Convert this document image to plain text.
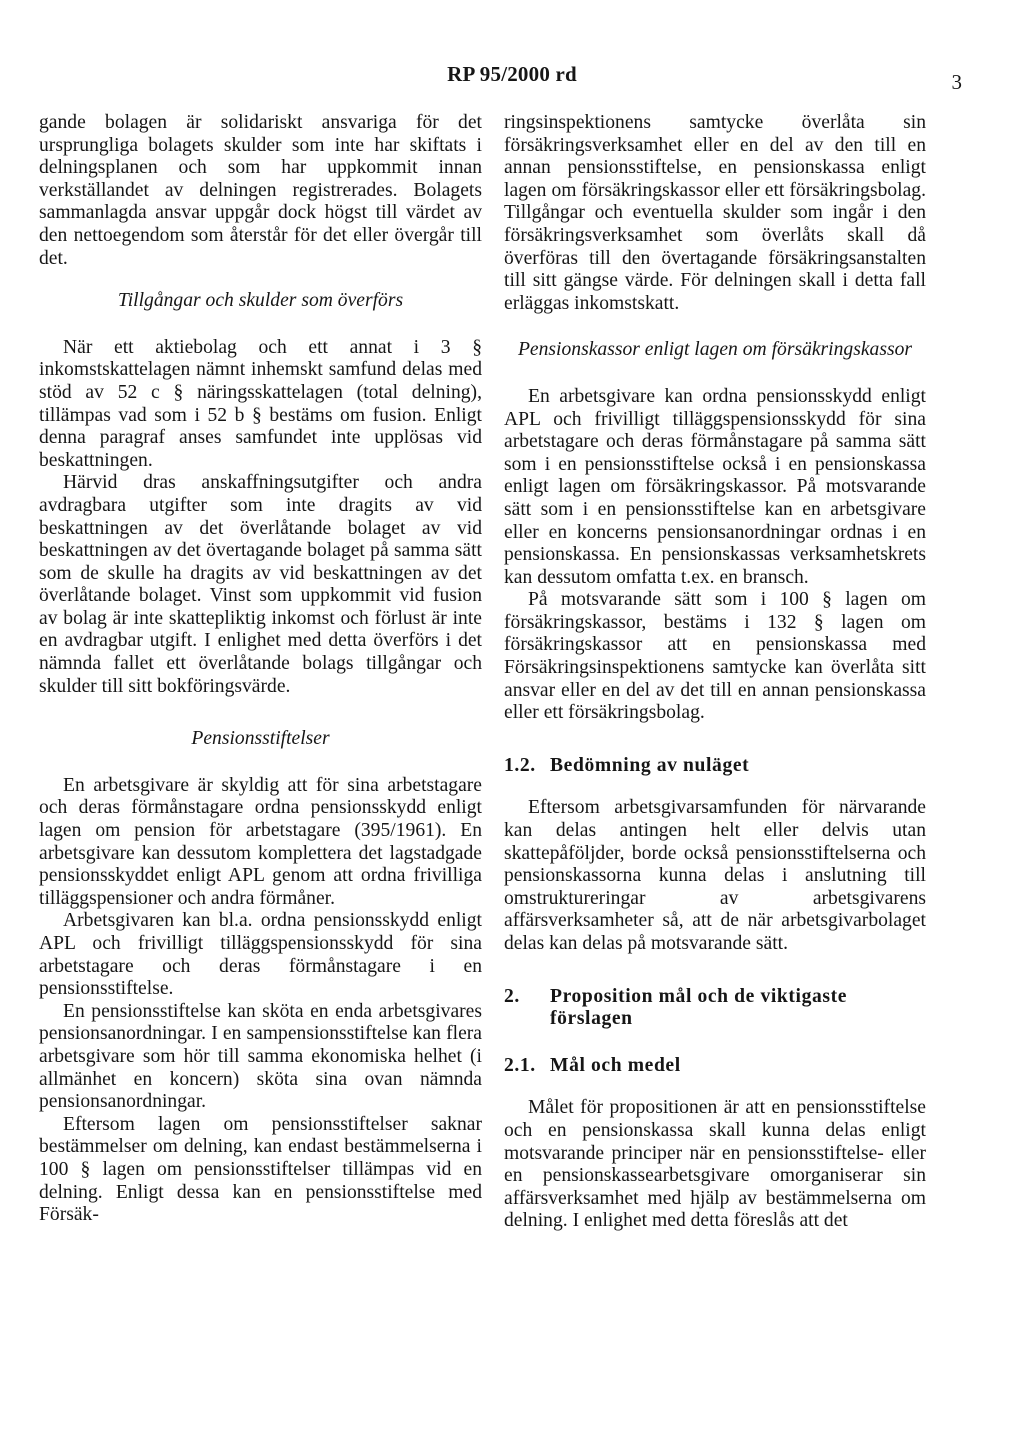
RP 95/2000 rd	3

gande bolagen är solidariskt ansvariga för det ursprungliga bolagets skulder som inte har skiftats i delningsplanen och som har uppkommit innan verkställandet av delningen registrerades. Bolagets sammanlagda ansvar uppgår dock högst till värdet av den nettoegendom som återstår för det eller övergår till det.

Tillgångar och skulder som överförs

När ett aktiebolag och ett annat i 3 § inkomstskattelagen nämnt inhemskt samfund delas med stöd av 52 c § näringsskattelagen (total delning), tillämpas vad som i 52 b § bestäms om fusion. Enligt denna paragraf anses samfundet inte upplösas vid beskattningen.

Härvid dras anskaffningsutgifter och andra avdragbara utgifter som inte dragits av vid beskattningen av det överlåtande bolaget av vid beskattningen av det övertagande bolaget på samma sätt som de skulle ha dragits av vid beskattningen av det överlåtande bolaget. Vinst som uppkommit vid fusion av bolag är inte skattepliktig inkomst och förlust är inte en avdragbar utgift. I enlighet med detta överförs i det nämnda fallet ett överlåtande bolags tillgångar och skulder till sitt bokföringsvärde.

Pensionsstiftelser

En arbetsgivare är skyldig att för sina arbetstagare och deras förmånstagare ordna pensionsskydd enligt lagen om pension för arbetstagare (395/1961). En arbetsgivare kan dessutom komplettera det lagstadgade pensionsskyddet enligt APL genom att ordna frivilliga tilläggspensioner och andra förmåner.

Arbetsgivaren kan bl.a. ordna pensionsskydd enligt APL och frivilligt tilläggspensionsskydd för sina arbetstagare och deras förmånstagare i en pensionsstiftelse.

En pensionsstiftelse kan sköta en enda arbetsgivares pensionsanordningar. I en sampensionsstiftelse kan flera arbetsgivare som hör till samma ekonomiska helhet (i allmänhet en koncern) sköta sina ovan nämnda pensionsanordningar.

Eftersom lagen om pensionsstiftelser saknar bestämmelser om delning, kan endast bestämmelserna i 100 § lagen om pensionsstiftelser tillämpas vid en delning. Enligt dessa kan en pensionsstiftelse med Försäk-

ringsinspektionens samtycke överlåta sin försäkringsverksamhet eller en del av den till en annan pensionsstiftelse, en pensionskassa enligt lagen om försäkringskassor eller ett försäkringsbolag. Tillgångar och eventuella skulder som ingår i den försäkringsverksamhet som överlåts skall då överföras till den övertagande försäkringsanstalten till sitt gängse värde. För delningen skall i detta fall erläggas inkomstskatt.

Pensionskassor enligt lagen om försäkringskassor

En arbetsgivare kan ordna pensionsskydd enligt APL och frivilligt tilläggspensionsskydd för sina arbetstagare och deras förmånstagare på samma sätt som i en pensionsstiftelse också i en pensionskassa enligt lagen om försäkringskassor. På motsvarande sätt som i en pensionsstiftelse kan en arbetsgivare eller en koncerns pensionsanordningar ordnas i en pensionskassa. En pensionskassas verksamhetskrets kan dessutom omfatta t.ex. en bransch.

På motsvarande sätt som i 100 § lagen om försäkringskassor, bestäms i 132 § lagen om försäkringskassor att en pensionskassa med Försäkringsinspektionens samtycke kan överlåta sitt ansvar eller en del av det till en annan pensionskassa eller ett försäkringsbolag.

1.2. Bedömning av nuläget

Eftersom arbetsgivarsamfunden för närvarande kan delas antingen helt eller delvis utan skattepåföljder, borde också pensionsstiftelserna och pensionskassorna kunna delas i anslutning till omstruktureringar av arbetsgivarens affärsverksamheter så, att de när arbetsgivarbolaget delas kan delas på motsvarande sätt.

2.	Proposition mål och de viktigaste förslagen
2.1. Mål och medel

Målet för propositionen är att en pensionsstiftelse och en pensionskassa skall kunna delas enligt motsvarande principer när en pensionsstiftelse- eller en pensionskassearbetsgivare omorganiserar sin affärsverksamhet med hjälp av bestämmelserna om delning. I enlighet med detta föreslås att det
